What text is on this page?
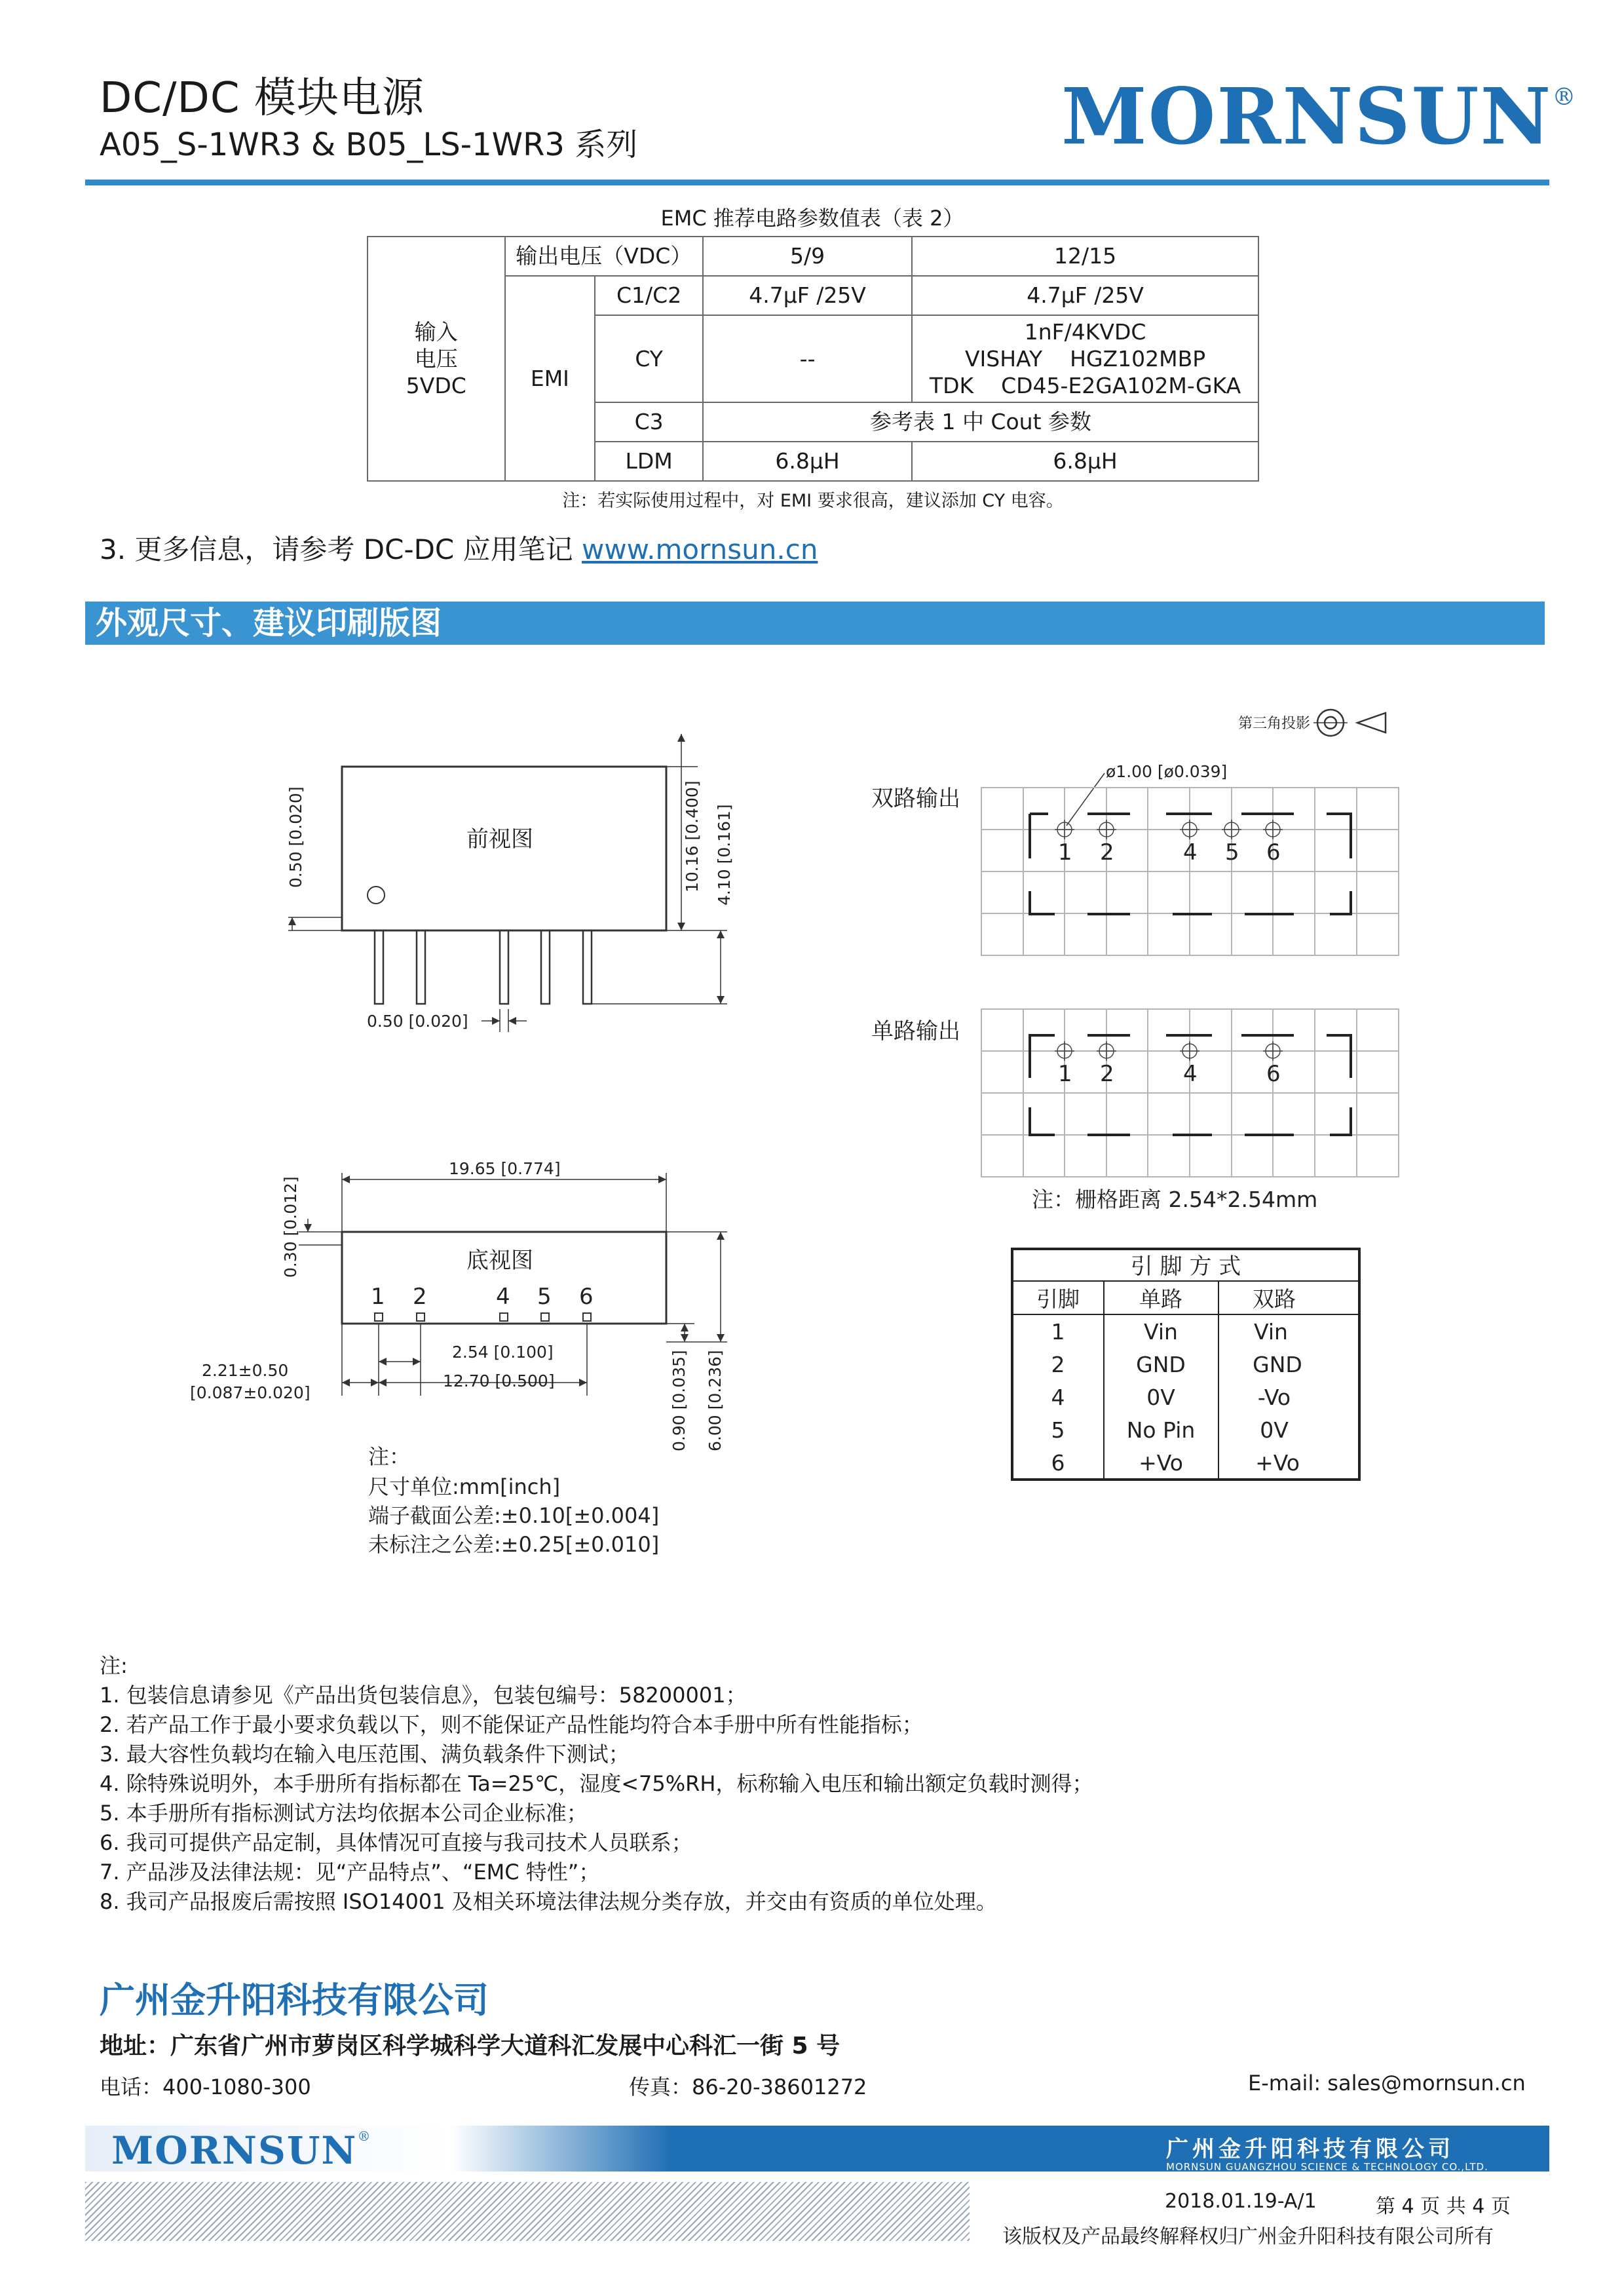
DC/DC 模块电源
A05_S-1WR3 & B05_LS-1WR3 系列	MORNSUN®
EMC 推荐电路参数值表（表 2）
输入
电压
5VDC	输出电压（VDC）		5/9	12/15
	EMI	C1/C2	4.7μF /25V	4.7μF /25V
		CY	--	1nF/4KVDC
VISHAY    HGZ102MBP
TDK    CD45-E2GA102M-GKA

		C3	参考表 1 中 Cout 参数	
		LDM	6.8μH	6.8μH
注：若实际使用过程中，对 EMI 要求很高，建议添加 CY 电容。
3. 更多信息，请参考 DC-DC 应用笔记 www.mornsun.cn
外观尺寸、建议印刷版图
第三角投影
前视图
0.50 [0.020]	10.16 [0.400] 4.10 [0.161]
0.50 [0.020]
19.65 [0.774]
0.30 [0.012]	底视图
1 2	4 5 6
2.54 [0.100]
12.70 [0.500]
2.21±0.50
[0.087±0.020]	0.90 [0.035] 6.00 [0.236]
注：
尺寸单位:mm[inch]
端子截面公差:±0.10[±0.004]
未标注之公差:±0.25[±0.010]
双路输出
ø1.00 [ø0.039]
1 2	4 5 6
单路输出
1 2	4	6
注：栅格距离 2.54*2.54mm
引 脚 方 式
引脚	单路	双路
1	Vin	Vin
2	GND	GND
4	0V	-Vo
5	No Pin	0V
6	+Vo	+Vo
注:
1. 包装信息请参见《产品出货包装信息》，包装包编号：58200001；
2. 若产品工作于最小要求负载以下，则不能保证产品性能均符合本手册中所有性能指标；
3. 最大容性负载均在输入电压范围、满负载条件下测试；
4. 除特殊说明外，本手册所有指标都在 Ta=25℃，湿度<75%RH，标称输入电压和输出额定负载时测得；
5. 本手册所有指标测试方法均依据本公司企业标准；
6. 我司可提供产品定制，具体情况可直接与我司技术人员联系；
7. 产品涉及法律法规：见“产品特点”、“EMC 特性”；
8. 我司产品报废后需按照 ISO14001 及相关环境法律法规分类存放，并交由有资质的单位处理。
广州金升阳科技有限公司
地址：广东省广州市萝岗区科学城科学大道科汇发展中心科汇一街 5 号
电话：400-1080-300	传真：86-20-38601272	E-mail: sales@mornsun.cn
MORNSUN®	广州金升阳科技有限公司
MORNSUN GUANGZHOU SCIENCE & TECHNOLOGY CO.,LTD.
2018.01.19-A/1	第 4 页 共 4 页
该版权及产品最终解释权归广州金升阳科技有限公司所有
